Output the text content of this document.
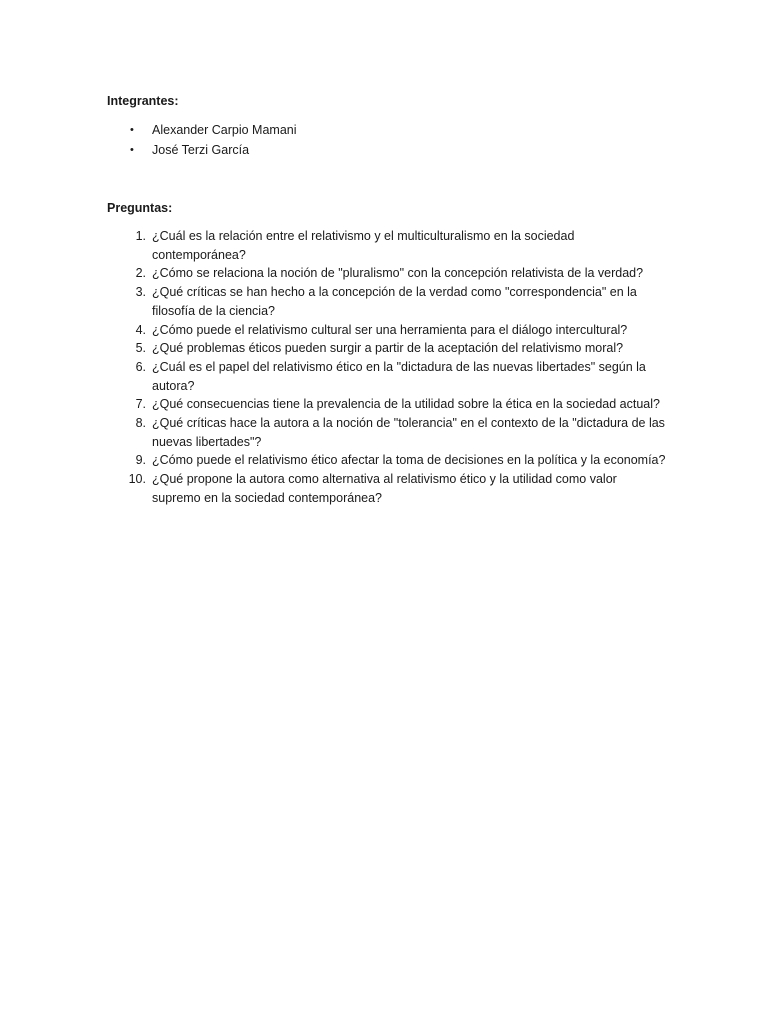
Integrantes:

• Alexander Carpio Mamani
• José Terzi García

Preguntas:

1. ¿Cuál es la relación entre el relativismo y el multiculturalismo en la sociedad contemporánea?
2. ¿Cómo se relaciona la noción de "pluralismo" con la concepción relativista de la verdad?
3. ¿Qué críticas se han hecho a la concepción de la verdad como "correspondencia" en la filosofía de la ciencia?
4. ¿Cómo puede el relativismo cultural ser una herramienta para el diálogo intercultural?
5. ¿Qué problemas éticos pueden surgir a partir de la aceptación del relativismo moral?
6. ¿Cuál es el papel del relativismo ético en la "dictadura de las nuevas libertades" según la autora?
7. ¿Qué consecuencias tiene la prevalencia de la utilidad sobre la ética en la sociedad actual?
8. ¿Qué críticas hace la autora a la noción de "tolerancia" en el contexto de la "dictadura de las nuevas libertades"?
9. ¿Cómo puede el relativismo ético afectar la toma de decisiones en la política y la economía?
10. ¿Qué propone la autora como alternativa al relativismo ético y la utilidad como valor supremo en la sociedad contemporánea?
